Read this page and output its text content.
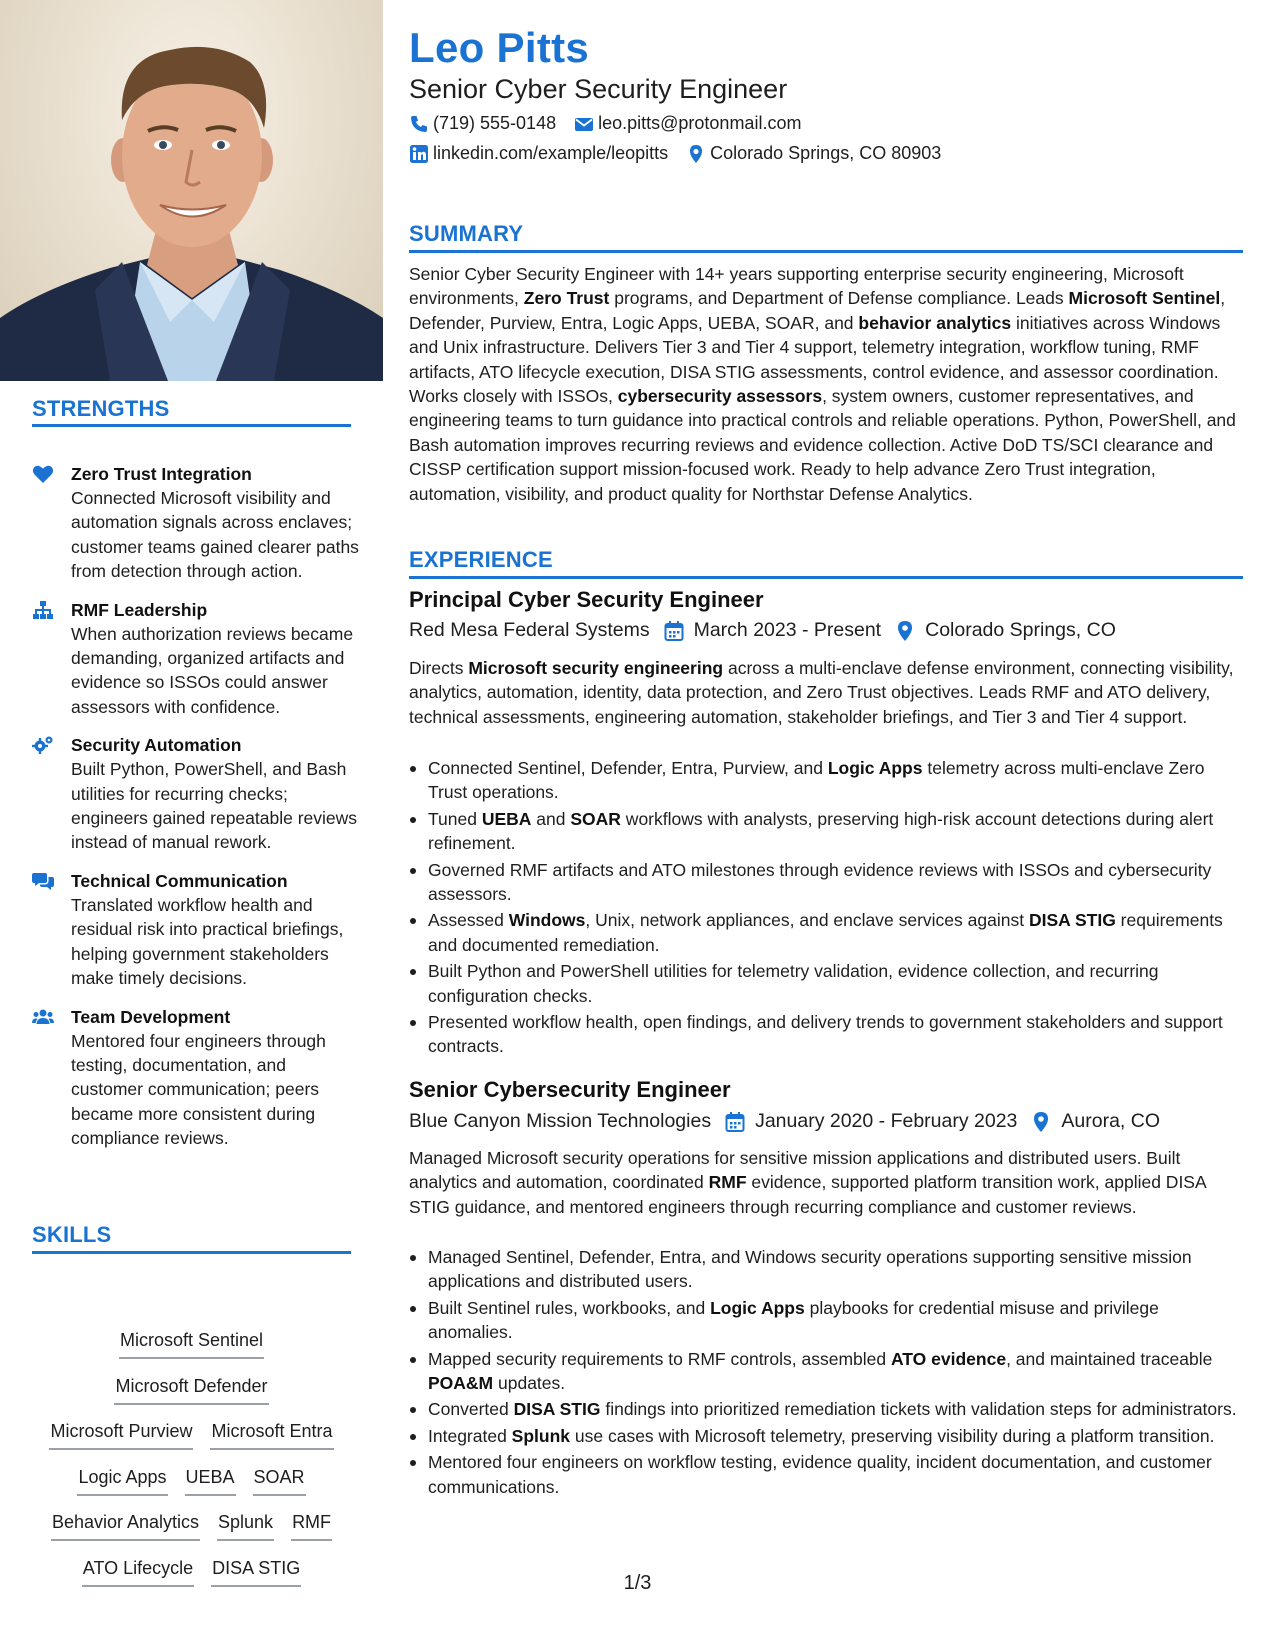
STRENGTHS
Zero Trust Integration
Connected Microsoft visibility and automation signals across enclaves; customer teams gained clearer paths from detection through action.
RMF Leadership
When authorization reviews became demanding, organized artifacts and evidence so ISSOs could answer assessors with confidence.
Security Automation
Built Python, PowerShell, and Bash utilities for recurring checks; engineers gained repeatable reviews instead of manual rework.
Technical Communication
Translated workflow health and residual risk into practical briefings, helping government stakeholders make timely decisions.
Team Development
Mentored four engineers through testing, documentation, and customer communication; peers became more consistent during compliance reviews.
SKILLS
Microsoft Sentinel
Microsoft Defender
Microsoft Purview Microsoft Entra
Logic Apps UEBA SOAR
Behavior Analytics Splunk RMF
ATO Lifecycle DISA STIG
Leo Pitts
Senior Cyber Security Engineer
(719) 555-0148 leo.pitts@protonmail.com
linkedin.com/example/leopitts Colorado Springs, CO 80903
SUMMARY
Senior Cyber Security Engineer with 14+ years supporting enterprise security engineering, Microsoft environments, Zero Trust programs, and Department of Defense compliance. Leads Microsoft Sentinel, Defender, Purview, Entra, Logic Apps, UEBA, SOAR, and behavior analytics initiatives across Windows and Unix infrastructure. Delivers Tier 3 and Tier 4 support, telemetry integration, workflow tuning, RMF artifacts, ATO lifecycle execution, DISA STIG assessments, control evidence, and assessor coordination. Works closely with ISSOs, cybersecurity assessors, system owners, customer representatives, and engineering teams to turn guidance into practical controls and reliable operations. Python, PowerShell, and Bash automation improves recurring reviews and evidence collection. Active DoD TS/SCI clearance and CISSP certification support mission-focused work. Ready to help advance Zero Trust integration, automation, visibility, and product quality for Northstar Defense Analytics.
EXPERIENCE
Principal Cyber Security Engineer
Red Mesa Federal Systems March 2023 - Present Colorado Springs, CO
Directs Microsoft security engineering across a multi-enclave defense environment, connecting visibility, analytics, automation, identity, data protection, and Zero Trust objectives. Leads RMF and ATO delivery, technical assessments, engineering automation, stakeholder briefings, and Tier 3 and Tier 4 support.
Connected Sentinel, Defender, Entra, Purview, and Logic Apps telemetry across multi-enclave Zero Trust operations.
Tuned UEBA and SOAR workflows with analysts, preserving high-risk account detections during alert refinement.
Governed RMF artifacts and ATO milestones through evidence reviews with ISSOs and cybersecurity assessors.
Assessed Windows, Unix, network appliances, and enclave services against DISA STIG requirements and documented remediation.
Built Python and PowerShell utilities for telemetry validation, evidence collection, and recurring configuration checks.
Presented workflow health, open findings, and delivery trends to government stakeholders and support contracts.
Senior Cybersecurity Engineer
Blue Canyon Mission Technologies January 2020 - February 2023 Aurora, CO
Managed Microsoft security operations for sensitive mission applications and distributed users. Built analytics and automation, coordinated RMF evidence, supported platform transition work, applied DISA STIG guidance, and mentored engineers through recurring compliance and customer reviews.
Managed Sentinel, Defender, Entra, and Windows security operations supporting sensitive mission applications and distributed users.
Built Sentinel rules, workbooks, and Logic Apps playbooks for credential misuse and privilege anomalies.
Mapped security requirements to RMF controls, assembled ATO evidence, and maintained traceable POA&M updates.
Converted DISA STIG findings into prioritized remediation tickets with validation steps for administrators.
Integrated Splunk use cases with Microsoft telemetry, preserving visibility during a platform transition.
Mentored four engineers on workflow testing, evidence quality, incident documentation, and customer communications.
1/3
